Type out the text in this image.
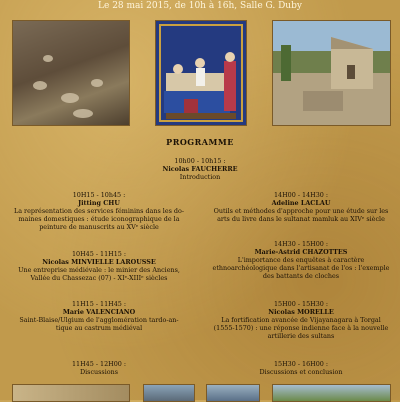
Le 28 mai 2015, de 10h à 16h, Salle G. Duby
PROGRAMME
10h00 - 10h15 :
Nicolas FAUCHERRE
Introduction
10H15 - 10h45 :
Jitting CHU
La représentation des services féminins dans les do-
maines domestiques : étude iconographique de la
peinture de manuscrits au XVᵉ siècle
10H45 - 11H15 :
Nicolas MINVIELLE LAROUSSE
Une entreprise médiévale : le minier des Anciens,
Vallée du Chassezac (07) - XIᵉ-XIIIᵉ siècles
11H15 - 11H45 :
Marie VALENCIANO
Saint-Blaise/Ulgium de l'agglomération tardo-an-
tique au castrum médiéval
11H45 - 12H00 :
Discussions
14H00 - 14H30 :
Adeline LACLAU
Outils et méthodes d'approche pour une étude sur les
arts du livre dans le sultanat mamluk au XIVᵉ siècle
14H30 - 15H00 :
Marie-Astrid CHAZOTTES
L'importance des enquêtes à caractère
ethnoarchéologique dans l'artisanat de l'os : l'exemple
des battants de cloches
15H00 - 15H30 :
Nicolas MORELLE
La fortification avancée de Vijayanagara à Torgal
(1555-1570) : une réponse indienne face à la nouvelle
artillerie des sultans
15H30 - 16H00 :
Discussions et conclusion
